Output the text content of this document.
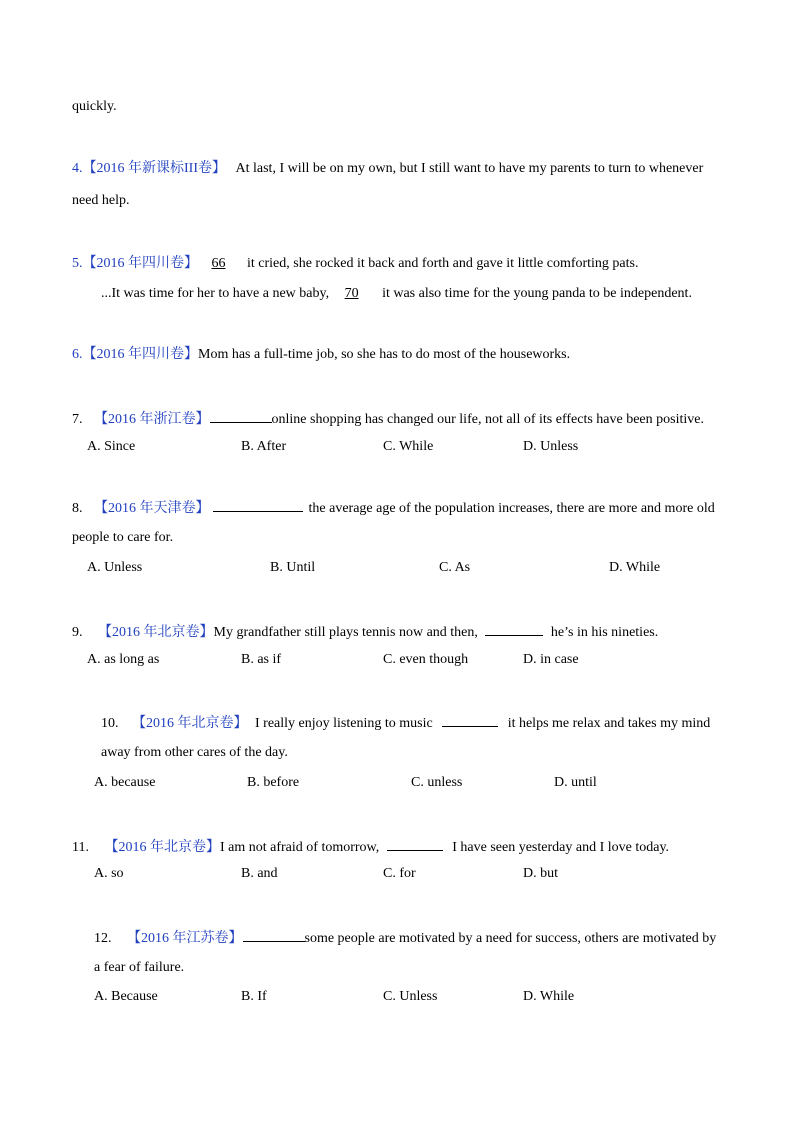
quickly.
4.【2016 年新课标III卷】 At last, I will be on my own, but I still want to have my parents to turn to whenever
need help.
5.【2016 年四川卷】 66 it cried, she rocked it back and forth and gave it little comforting pats.
...It was time for her to have a new baby, 70 it was also time for the young panda to be independent.
6.【2016 年四川卷】Mom has a full-time job, so she has to do most of the houseworks.
7. 【2016 年浙江卷】	online shopping has changed our life, not all of its effects have been positive.
A. Since	B. After	C. While	D. Unless
8. 【2016 年天津卷】	the average age of the population increases, there are more and more old
people to care for.
A. Unless	B. Until	C. As	D. While
9. 【2016 年北京卷】My grandfather still plays tennis now and then,	he’s in his nineties.
A. as long as	B. as if	C. even though	D. in case
10. 【2016 年北京卷】 I really enjoy listening to music	it helps me relax and takes my mind
away from other cares of the day.
A. because	B. before	C. unless	D. until
11. 【2016 年北京卷】I am not afraid of tomorrow,	I have seen yesterday and I love today.
A. so	B. and	C. for	D. but
12. 【2016 年江苏卷】	some people are motivated by a need for success, others are motivated by
a fear of failure.
A. Because	B. If	C. Unless	D. While
